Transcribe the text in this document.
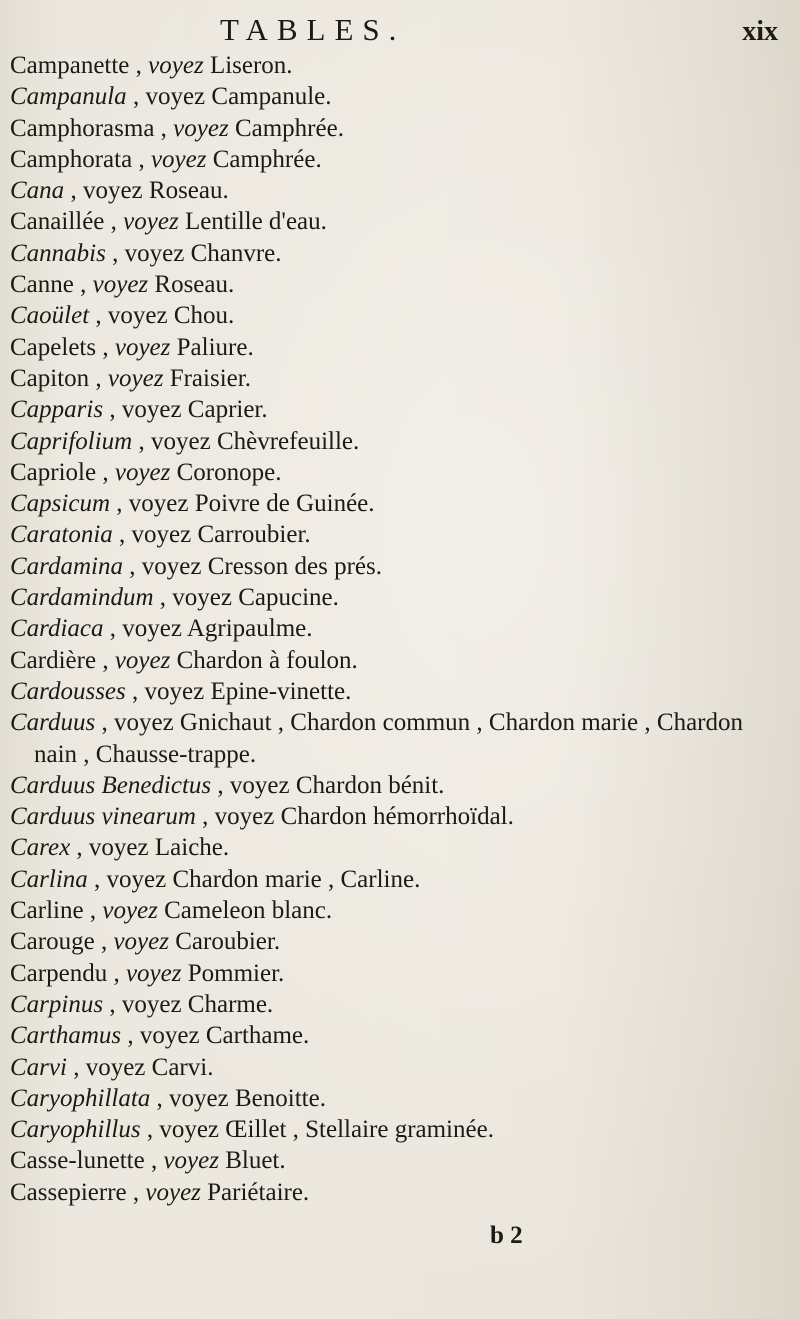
TABLES.	xix
Campanette , voyez Liseron.
Campanula , voyez Campanule.
Camphorasma , voyez Camphrée.
Camphorata , voyez Camphrée.
Cana , voyez Roseau.
Canaillée , voyez Lentille d'eau.
Cannabis , voyez Chanvre.
Canne , voyez Roseau.
Caoület , voyez Chou.
Capelets , voyez Paliure.
Capiton , voyez Fraisier.
Capparis , voyez Caprier.
Caprifolium , voyez Chèvrefeuille.
Capriole , voyez Coronope.
Capsicum , voyez Poivre de Guinée.
Caratonia , voyez Carroubier.
Cardamina , voyez Cresson des prés.
Cardamindum , voyez Capucine.
Cardiaca , voyez Agripaulme.
Cardière , voyez Chardon à foulon.
Cardousses , voyez Epine-vinette.
Carduus , voyez Gnichaut , Chardon commun , Chardon marie , Chardon nain , Chausse-trappe.
Carduus Benedictus , voyez Chardon bénit.
Carduus vinearum , voyez Chardon hémorrhoïdal.
Carex , voyez Laiche.
Carlina , voyez Chardon marie , Carline.
Carline , voyez Cameleon blanc.
Carouge , voyez Caroubier.
Carpendu , voyez Pommier.
Carpinus , voyez Charme.
Carthamus , voyez Carthame.
Carvi , voyez Carvi.
Caryophillata , voyez Benoitte.
Caryophillus , voyez Œillet , Stellaire graminée.
Casse-lunette , voyez Bluet.
Cassepierre , voyez Pariétaire.
b 2
